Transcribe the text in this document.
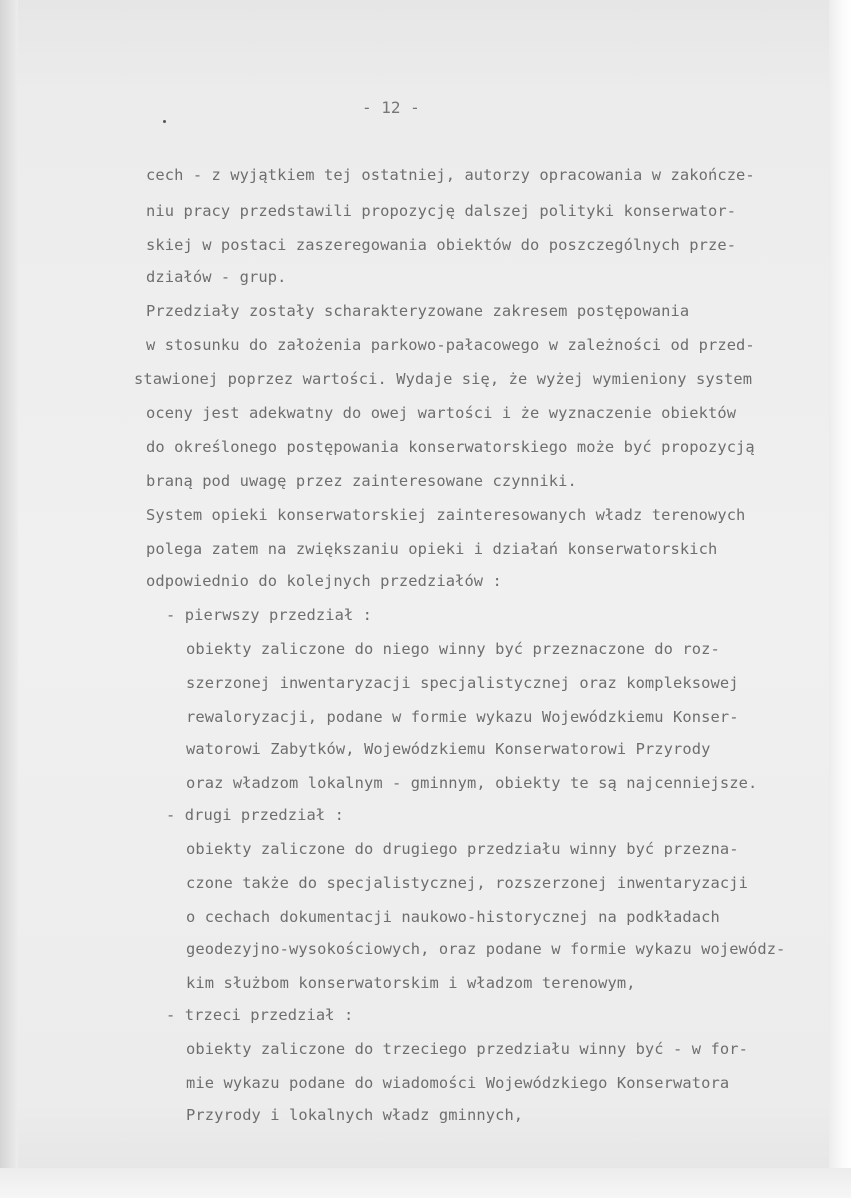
- 12 -
cech - z wyjątkiem tej ostatniej, autorzy opracowania w zakończe-
niu pracy przedstawili propozycję dalszej polityki konserwator-
skiej w postaci zaszeregowania obiektów do poszczególnych prze-
działów - grup.
Przedziały zostały scharakteryzowane zakresem postępowania
w stosunku do założenia parkowo-pałacowego w zależności od przed-
stawionej poprzez wartości. Wydaje się, że wyżej wymieniony system
oceny jest adekwatny do owej wartości i że wyznaczenie obiektów
do określonego postępowania konserwatorskiego może być propozycją
braną pod uwagę przez zainteresowane czynniki.
System opieki konserwatorskiej zainteresowanych władz terenowych
polega zatem na zwiększaniu opieki i działań konserwatorskich
odpowiednio do kolejnych przedziałów :
- pierwszy przedział :
obiekty zaliczone do niego winny być przeznaczone do roz-
szerzonej inwentaryzacji specjalistycznej oraz kompleksowej
rewaloryzacji, podane w formie wykazu Wojewódzkiemu Konser-
watorowi Zabytków, Wojewódzkiemu Konserwatorowi Przyrody
oraz władzom lokalnym - gminnym, obiekty te są najcenniejsze.
- drugi przedział :
obiekty zaliczone do drugiego przedziału winny być przezna-
czone także do specjalistycznej, rozszerzonej inwentaryzacji
o cechach dokumentacji naukowo-historycznej na podkładach
geodezyjno-wysokościowych, oraz podane w formie wykazu wojewódz-
kim służbom konserwatorskim i władzom terenowym,
- trzeci przedział :
obiekty zaliczone do trzeciego przedziału winny być - w for-
mie wykazu podane do wiadomości Wojewódzkiego Konserwatora
Przyrody i lokalnych władz gminnych,
